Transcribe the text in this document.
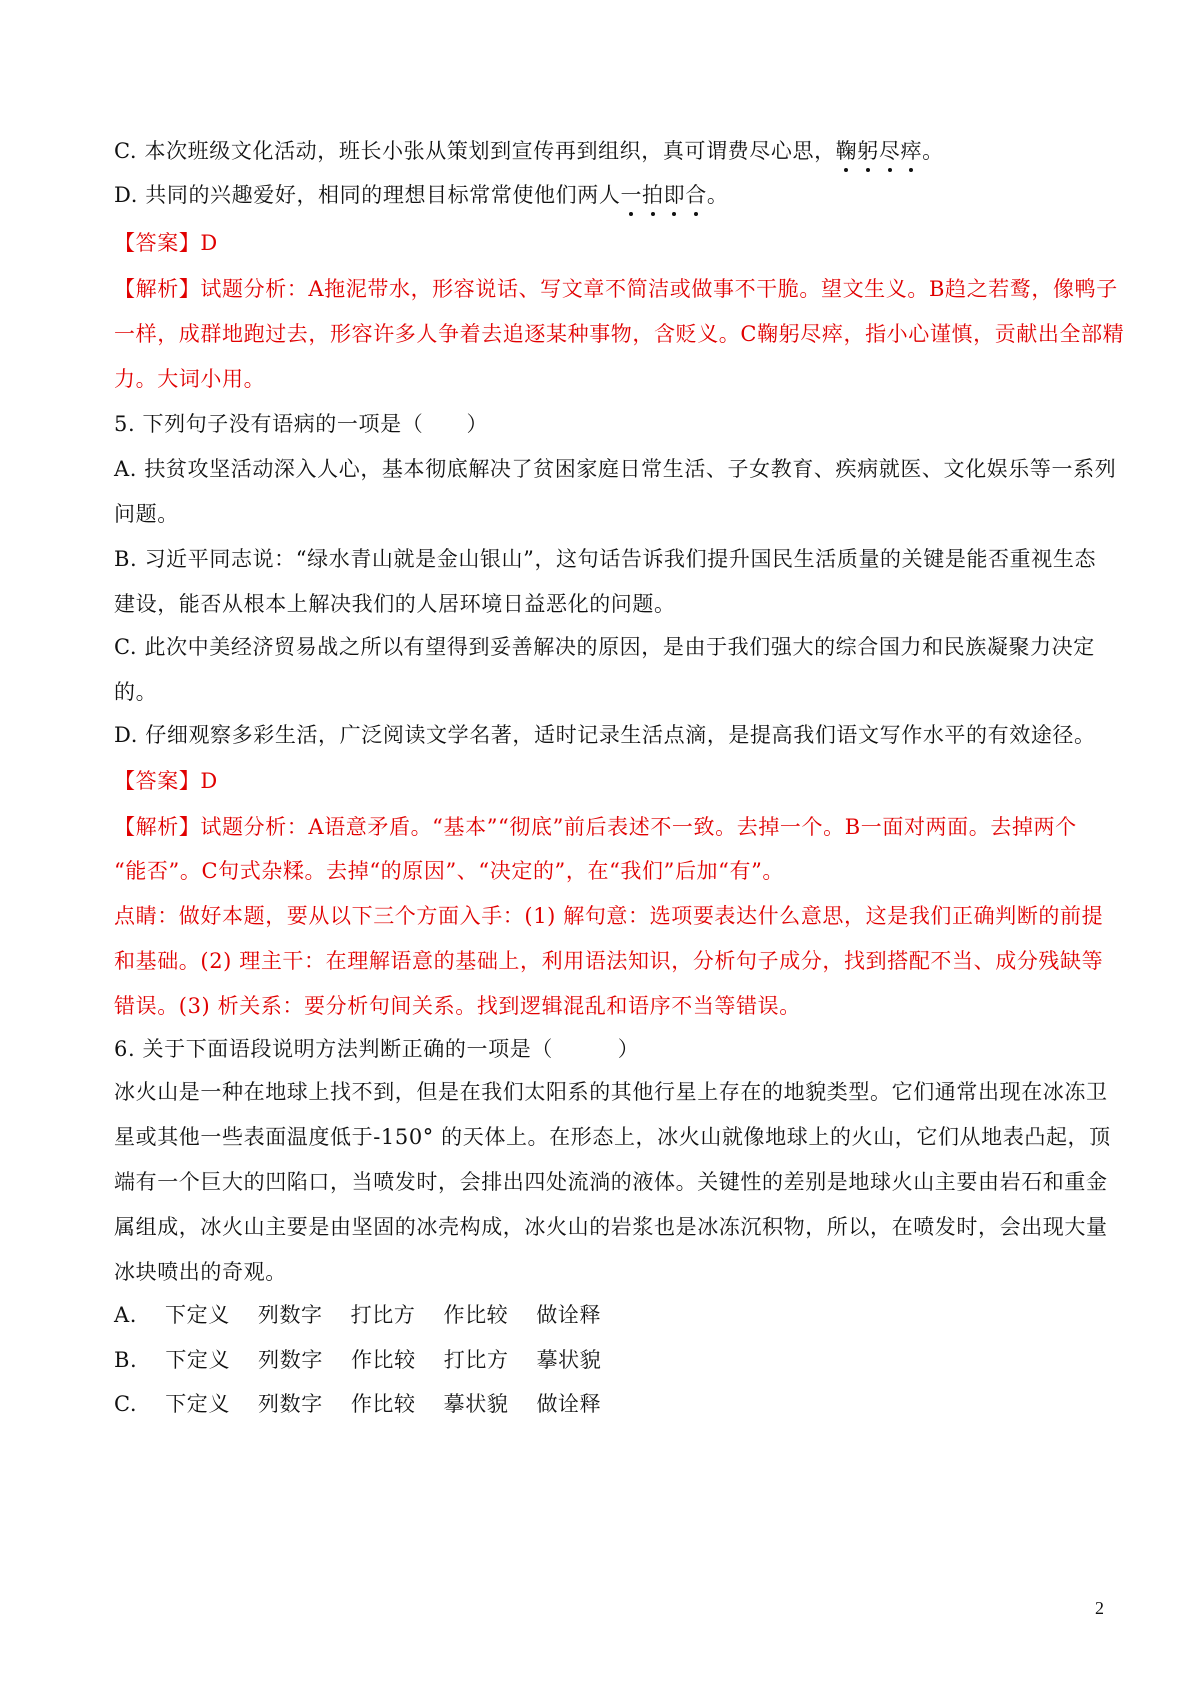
C. 本次班级文化活动，班长小张从策划到宣传再到组织，真可谓费尽心思，鞠
躬
尽
瘁
。
D. 共同的兴趣爱好，相同的理想目标常常使他们两人一
拍
即
合
。
【答案】D
【解析】试题分析：A拖泥带水，形容说话、写文章不简洁或做事不干脆。望文生义。B趋之若鹜，像鸭子
一样，成群地跑过去，形容许多人争着去追逐某种事物，含贬义。C鞠躬尽瘁，指小心谨慎，贡献出全部精
力。大词小用。
5. 下列句子没有语病的一项是（　　）
A. 扶贫攻坚活动深入人心，基本彻底解决了贫困家庭日常生活、子女教育、疾病就医、文化娱乐等一系列
问题。
B. 习近平同志说：“绿水青山就是金山银山”，这句话告诉我们提升国民生活质量的关键是能否重视生态
建设，能否从根本上解决我们的人居环境日益恶化的问题。
C. 此次中美经济贸易战之所以有望得到妥善解决的原因，是由于我们强大的综合国力和民族凝聚力决定
的。
D. 仔细观察多彩生活，广泛阅读文学名著，适时记录生活点滴，是提高我们语文写作水平的有效途径。
【答案】D
【解析】试题分析：A语意矛盾。“基本”“彻底”前后表述不一致。去掉一个。B一面对两面。去掉两个
“能否”。C句式杂糅。去掉“的原因”、“决定的”，在“我们”后加“有”。
点睛：做好本题，要从以下三个方面入手：(1) 解句意：选项要表达什么意思，这是我们正确判断的前提
和基础。(2) 理主干：在理解语意的基础上，利用语法知识，分析句子成分，找到搭配不当、成分残缺等
错误。(3) 析关系：要分析句间关系。找到逻辑混乱和语序不当等错误。
6. 关于下面语段说明方法判断正确的一项是（　　　）
冰火山是一种在地球上找不到，但是在我们太阳系的其他行星上存在的地貌类型。它们通常出现在冰冻卫
星或其他一些表面温度低于-150° 的天体上。在形态上，冰火山就像地球上的火山，它们从地表凸起，顶
端有一个巨大的凹陷口，当喷发时，会排出四处流淌的液体。关键性的差别是地球火山主要由岩石和重金
属组成，冰火山主要是由坚固的冰壳构成，冰火山的岩浆也是冰冻沉积物，所以，在喷发时，会出现大量
冰块喷出的奇观。
A. 下定义 列数字 打比方 作比较 做诠释
B. 下定义 列数字 作比较 打比方 摹状貌
C. 下定义 列数字 作比较 摹状貌 做诠释
2
